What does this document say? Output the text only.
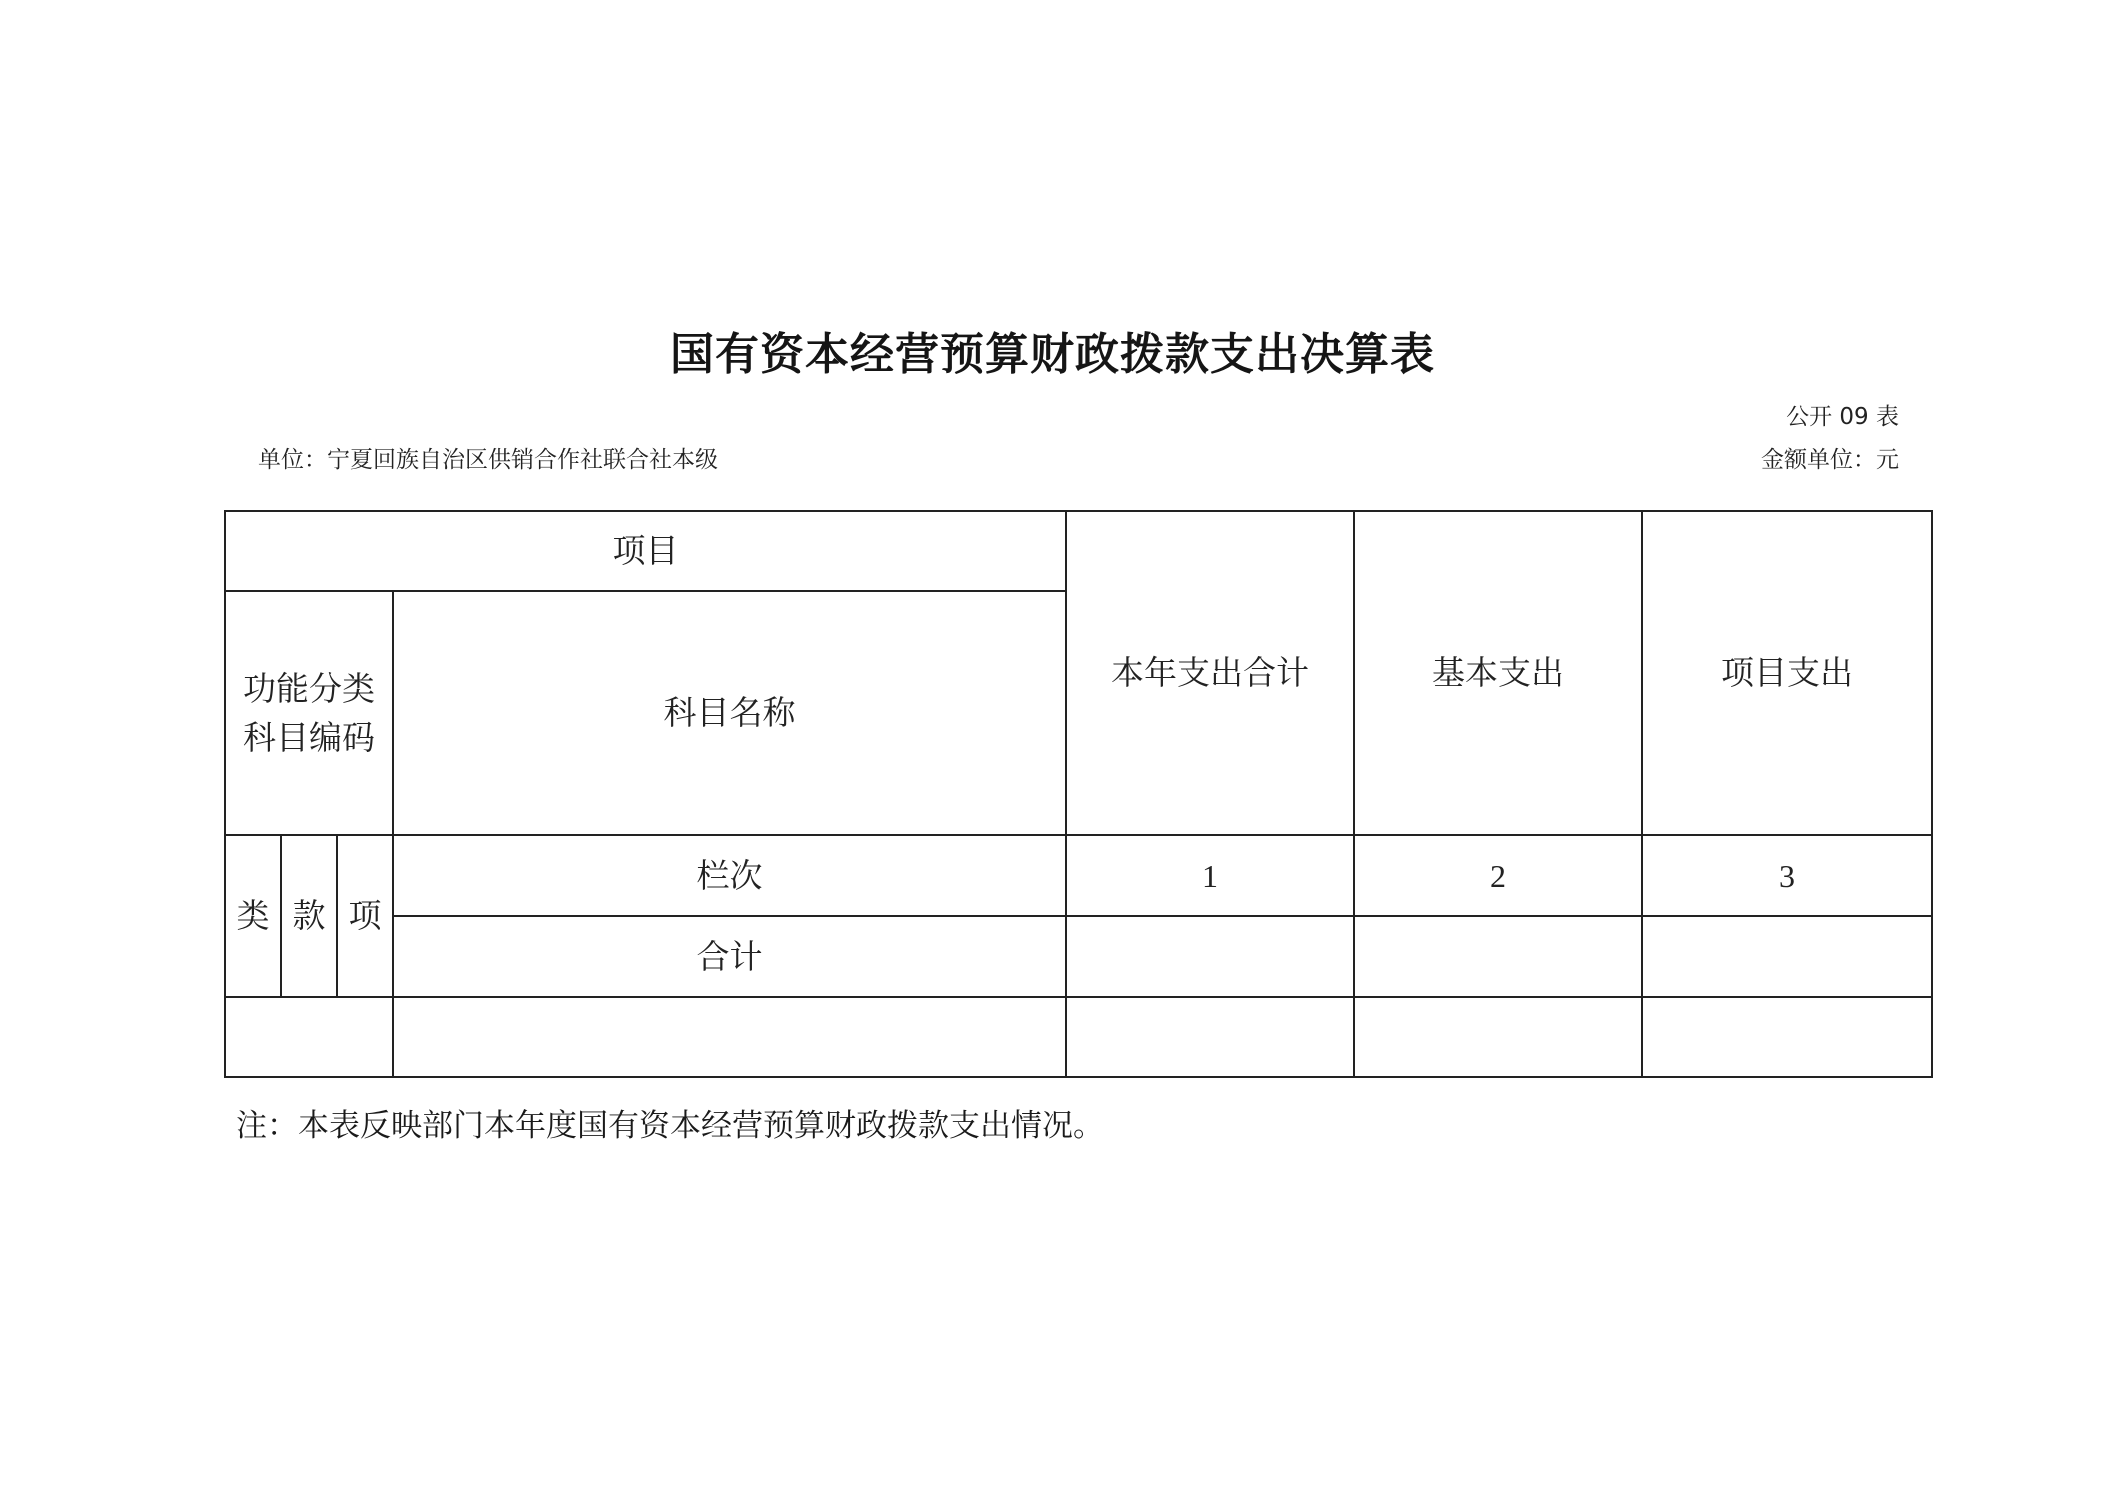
国有资本经营预算财政拨款支出决算表
公开 09 表
单位：宁夏回族自治区供销合作社联合社本级	金额单位：元
项目				本年支出合计	基本支出	项目支出

功能分类
科目编码			科目名称			
类	款	项	栏次	1	2	3
			合计			

注：本表反映部门本年度国有资本经营预算财政拨款支出情况。
